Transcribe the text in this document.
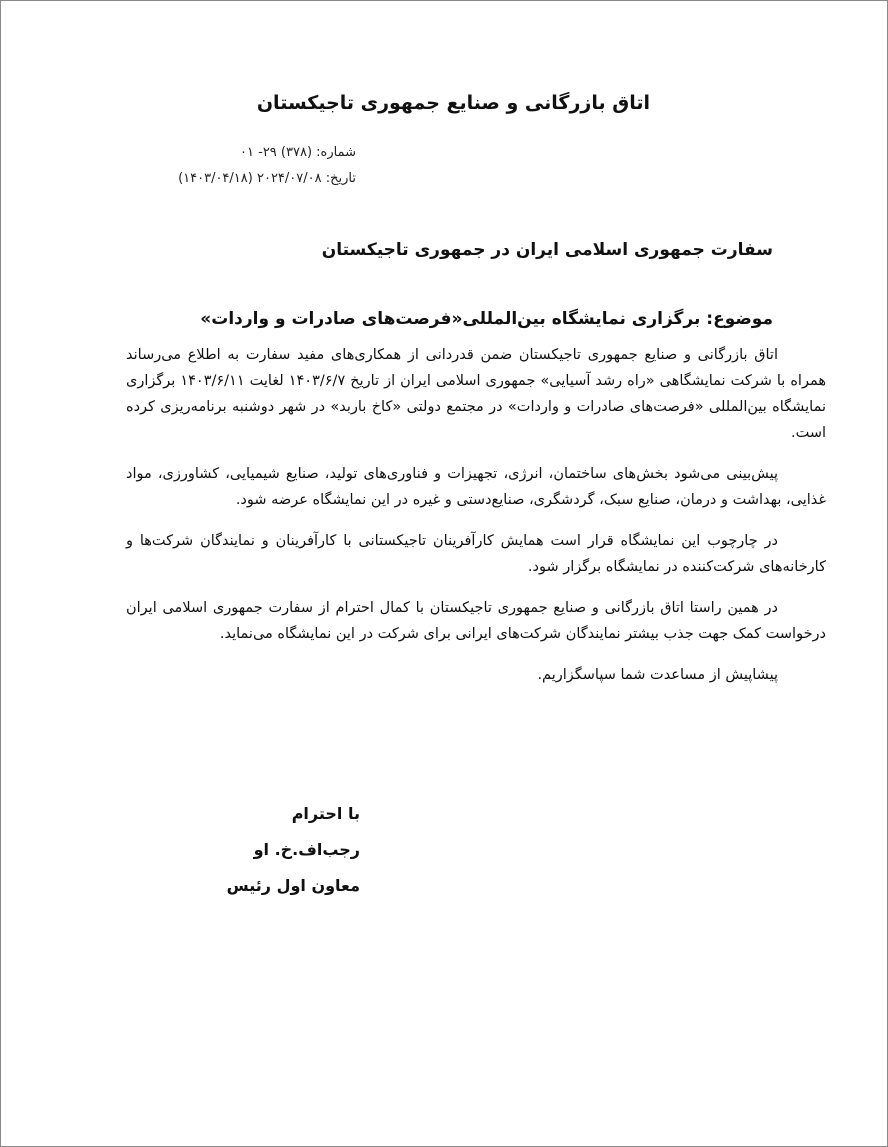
اتاق بازرگانی و صنایع جمهوری تاجیکستان
شماره: (۳۷۸) ۲۹- ۰۱
تاریخ: ۲۰۲۴/۰۷/۰۸ (۱۴۰۳/۰۴/۱۸)
سفارت جمهوری اسلامی ایران در جمهوری تاجیکستان
موضوع: برگزاری نمایشگاه بین‌المللی«فرصت‌های صادرات و واردات»

اتاق بازرگانی و صنایع جمهوری تاجیکستان ضمن قدردانی از همکاری‌های مفید سفارت به اطلاع می‌رساند همراه با شرکت نمایشگاهی «راه رشد آسیایی» جمهوری اسلامی ایران از تاریخ ۱۴۰۳/۶/۷ لغایت ۱۴۰۳/۶/۱۱ برگزاری نمایشگاه بین‌المللی «فرصت‌های صادرات و واردات» در مجتمع دولتی «کاخ باربد» در شهر دوشنبه برنامه‌ریزی کرده است.

پیش‌بینی می‌شود بخش‌های ساختمان، انرژی، تجهیزات و فناوری‌های تولید، صنایع شیمیایی، کشاورزی، مواد غذایی، بهداشت و درمان، صنایع سبک، گردشگری، صنایع‌دستی و غیره در این نمایشگاه عرضه شود.

در چارچوب این نمایشگاه قرار است همایش کارآفرینان تاجیکستانی با کارآفرینان و نمایندگان شرکت‌ها و کارخانه‌های شرکت‌کننده در نمایشگاه برگزار شود.

در همین راستا اتاق بازرگانی و صنایع جمهوری تاجیکستان با کمال احترام از سفارت جمهوری اسلامی ایران درخواست کمک جهت جذب بیشتر نمایندگان شرکت‌های ایرانی برای شرکت در این نمایشگاه می‌نماید.

پیشاپیش از مساعدت شما سپاسگزاریم.

با احترام
رجب‌اف.خ. او
معاون اول رئیس
